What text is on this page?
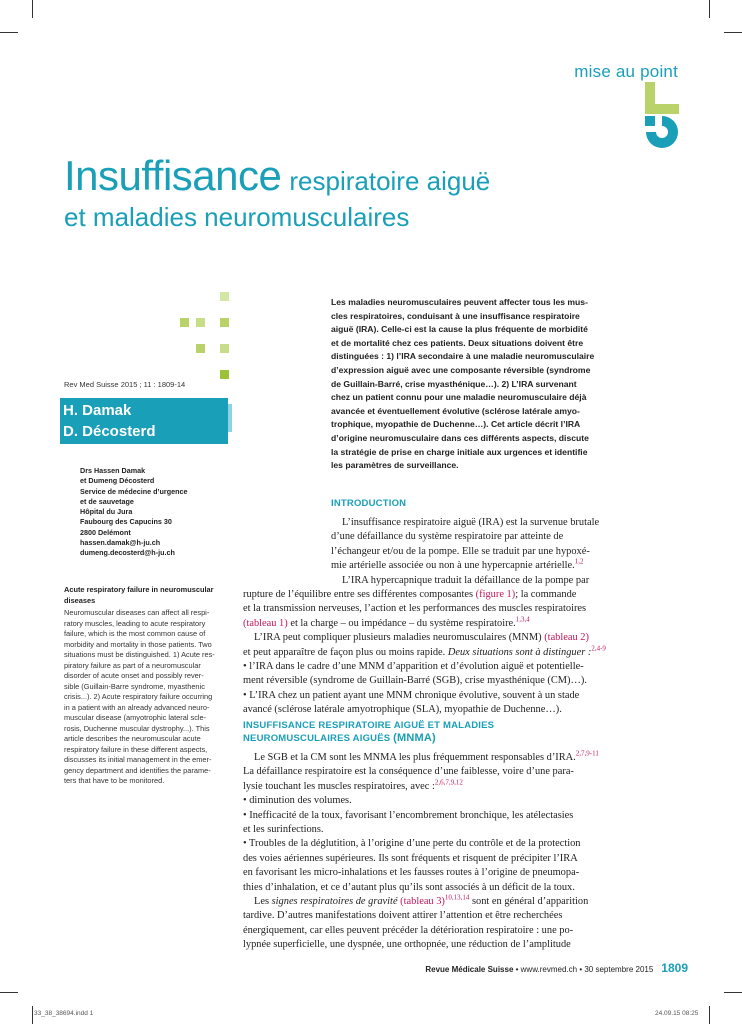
mise au point
Insuffisance respiratoire aiguë
et maladies neuromusculaires
Rev Med Suisse 2015 ; 11 : 1809-14
H. Damak
D. Décosterd
Drs Hassen Damak
et Dumeng Décosterd
Service de médecine d’urgence
et de sauvetage
Hôpital du Jura
Faubourg des Capucins 30
2800 Delémont
hassen.damak@h-ju.ch
dumeng.decosterd@h-ju.ch
Acute respiratory failure in neuromuscular
diseases
Neuromuscular diseases can affect all respi-
ratory muscles, leading to acute respiratory
failure, which is the most common cause of
morbidity and mortality in those patients. Two
situations must be distinguished. 1) Acute res-
piratory failure as part of a neuromuscular
disorder of acute onset and possibly rever-
sible (Guillain-Barre syndrome, myasthenic
crisis...). 2) Acute respiratory failure occurring
in a patient with an already advanced neuro-
muscular disease (amyotrophic lateral scle-
rosis, Duchenne muscular dystrophy...). This
article describes the neuromuscular acute
respiratory failure in these different aspects,
discusses its initial management in the emer-
gency department and identifies the parame-
ters that have to be monitored.
Les maladies neuromusculaires peuvent affecter tous les mus-
cles respiratoires, conduisant à une insuffisance respiratoire
aiguë (IRA). Celle-ci est la cause la plus fréquente de morbidité
et de mortalité chez ces patients. Deux situations doivent être
distinguées : 1) l’IRA secondaire à une maladie neuromusculaire
d’expression aiguë avec une composante réversible (syndrome
de Guillain-Barré, crise myasthénique…). 2) L’IRA survenant
chez un patient connu pour une maladie neuromusculaire déjà
avancée et éventuellement évolutive (sclérose latérale amyo-
trophique, myopathie de Duchenne…). Cet article décrit l’IRA
d’origine neuromusculaire dans ces différents aspects, discute
la stratégie de prise en charge initiale aux urgences et identifie
les paramètres de surveillance.
INTRODUCTION

L’insuffisance respiratoire aiguë (IRA) est la survenue brutale

d’une défaillance du système respiratoire par atteinte de

l’échangeur et/ou de la pompe. Elle se traduit par une hypoxé-

mie artérielle associée ou non à une hypercapnie artérielle.$^{1,2}$

L’IRA hypercapnique traduit la défaillance de la pompe par

rupture de l’équilibre entre ses différentes composantes (figure 1); la commande

et la transmission nerveuses, l’action et les performances des muscles respiratoires

(tableau 1) et la charge – ou impédance – du système respiratoire.$^{1,3,4}$

L’IRA peut compliquer plusieurs maladies neuromusculaires (MNM) (tableau 2)

et peut apparaître de façon plus ou moins rapide. Deux situations sont à distinguer :$^{2,4-9}$

• l’IRA dans le cadre d’une MNM d’apparition et d’évolution aiguë et potentielle-

ment réversible (syndrome de Guillain-Barré (SGB), crise myasthénique (CM)…).

• L’IRA chez un patient ayant une MNM chronique évolutive, souvent à un stade

avancé (sclérose latérale amyotrophique (SLA), myopathie de Duchenne…).

INSUFFISANCE RESPIRATOIRE AIGUË ET MALADIES
NEUROMUSCULAIRES AIGUËS (MNMA)

Le SGB et la CM sont les MNMA les plus fréquemment responsables d’IRA.$^{2,7,9-11}$

La défaillance respiratoire est la conséquence d’une faiblesse, voire d’une para-

lysie touchant les muscles respiratoires, avec :$^{2,6,7,9,12}$

• diminution des volumes.

• Inefficacité de la toux, favorisant l’encombrement bronchique, les atélectasies

et les surinfections.

• Troubles de la déglutition, à l’origine d’une perte du contrôle et de la protection

des voies aériennes supérieures. Ils sont fréquents et risquent de précipiter l’IRA

en favorisant les micro-inhalations et les fausses routes à l’origine de pneumopa-

thies d’inhalation, et ce d’autant plus qu’ils sont associés à un déficit de la toux.

Les signes respiratoires de gravité (tableau 3)$^{10,13,14}$ sont en général d’apparition

tardive. D’autres manifestations doivent attirer l’attention et être recherchées

énergiquement, car elles peuvent précéder la détérioration respiratoire : une po-

lypnée superficielle, une dyspnée, une orthopnée, une réduction de l’amplitude

Revue Médicale Suisse • www.revmed.ch • 30 septembre 2015 1809
33_38_38694.indd 1	24.09.15 08:25
